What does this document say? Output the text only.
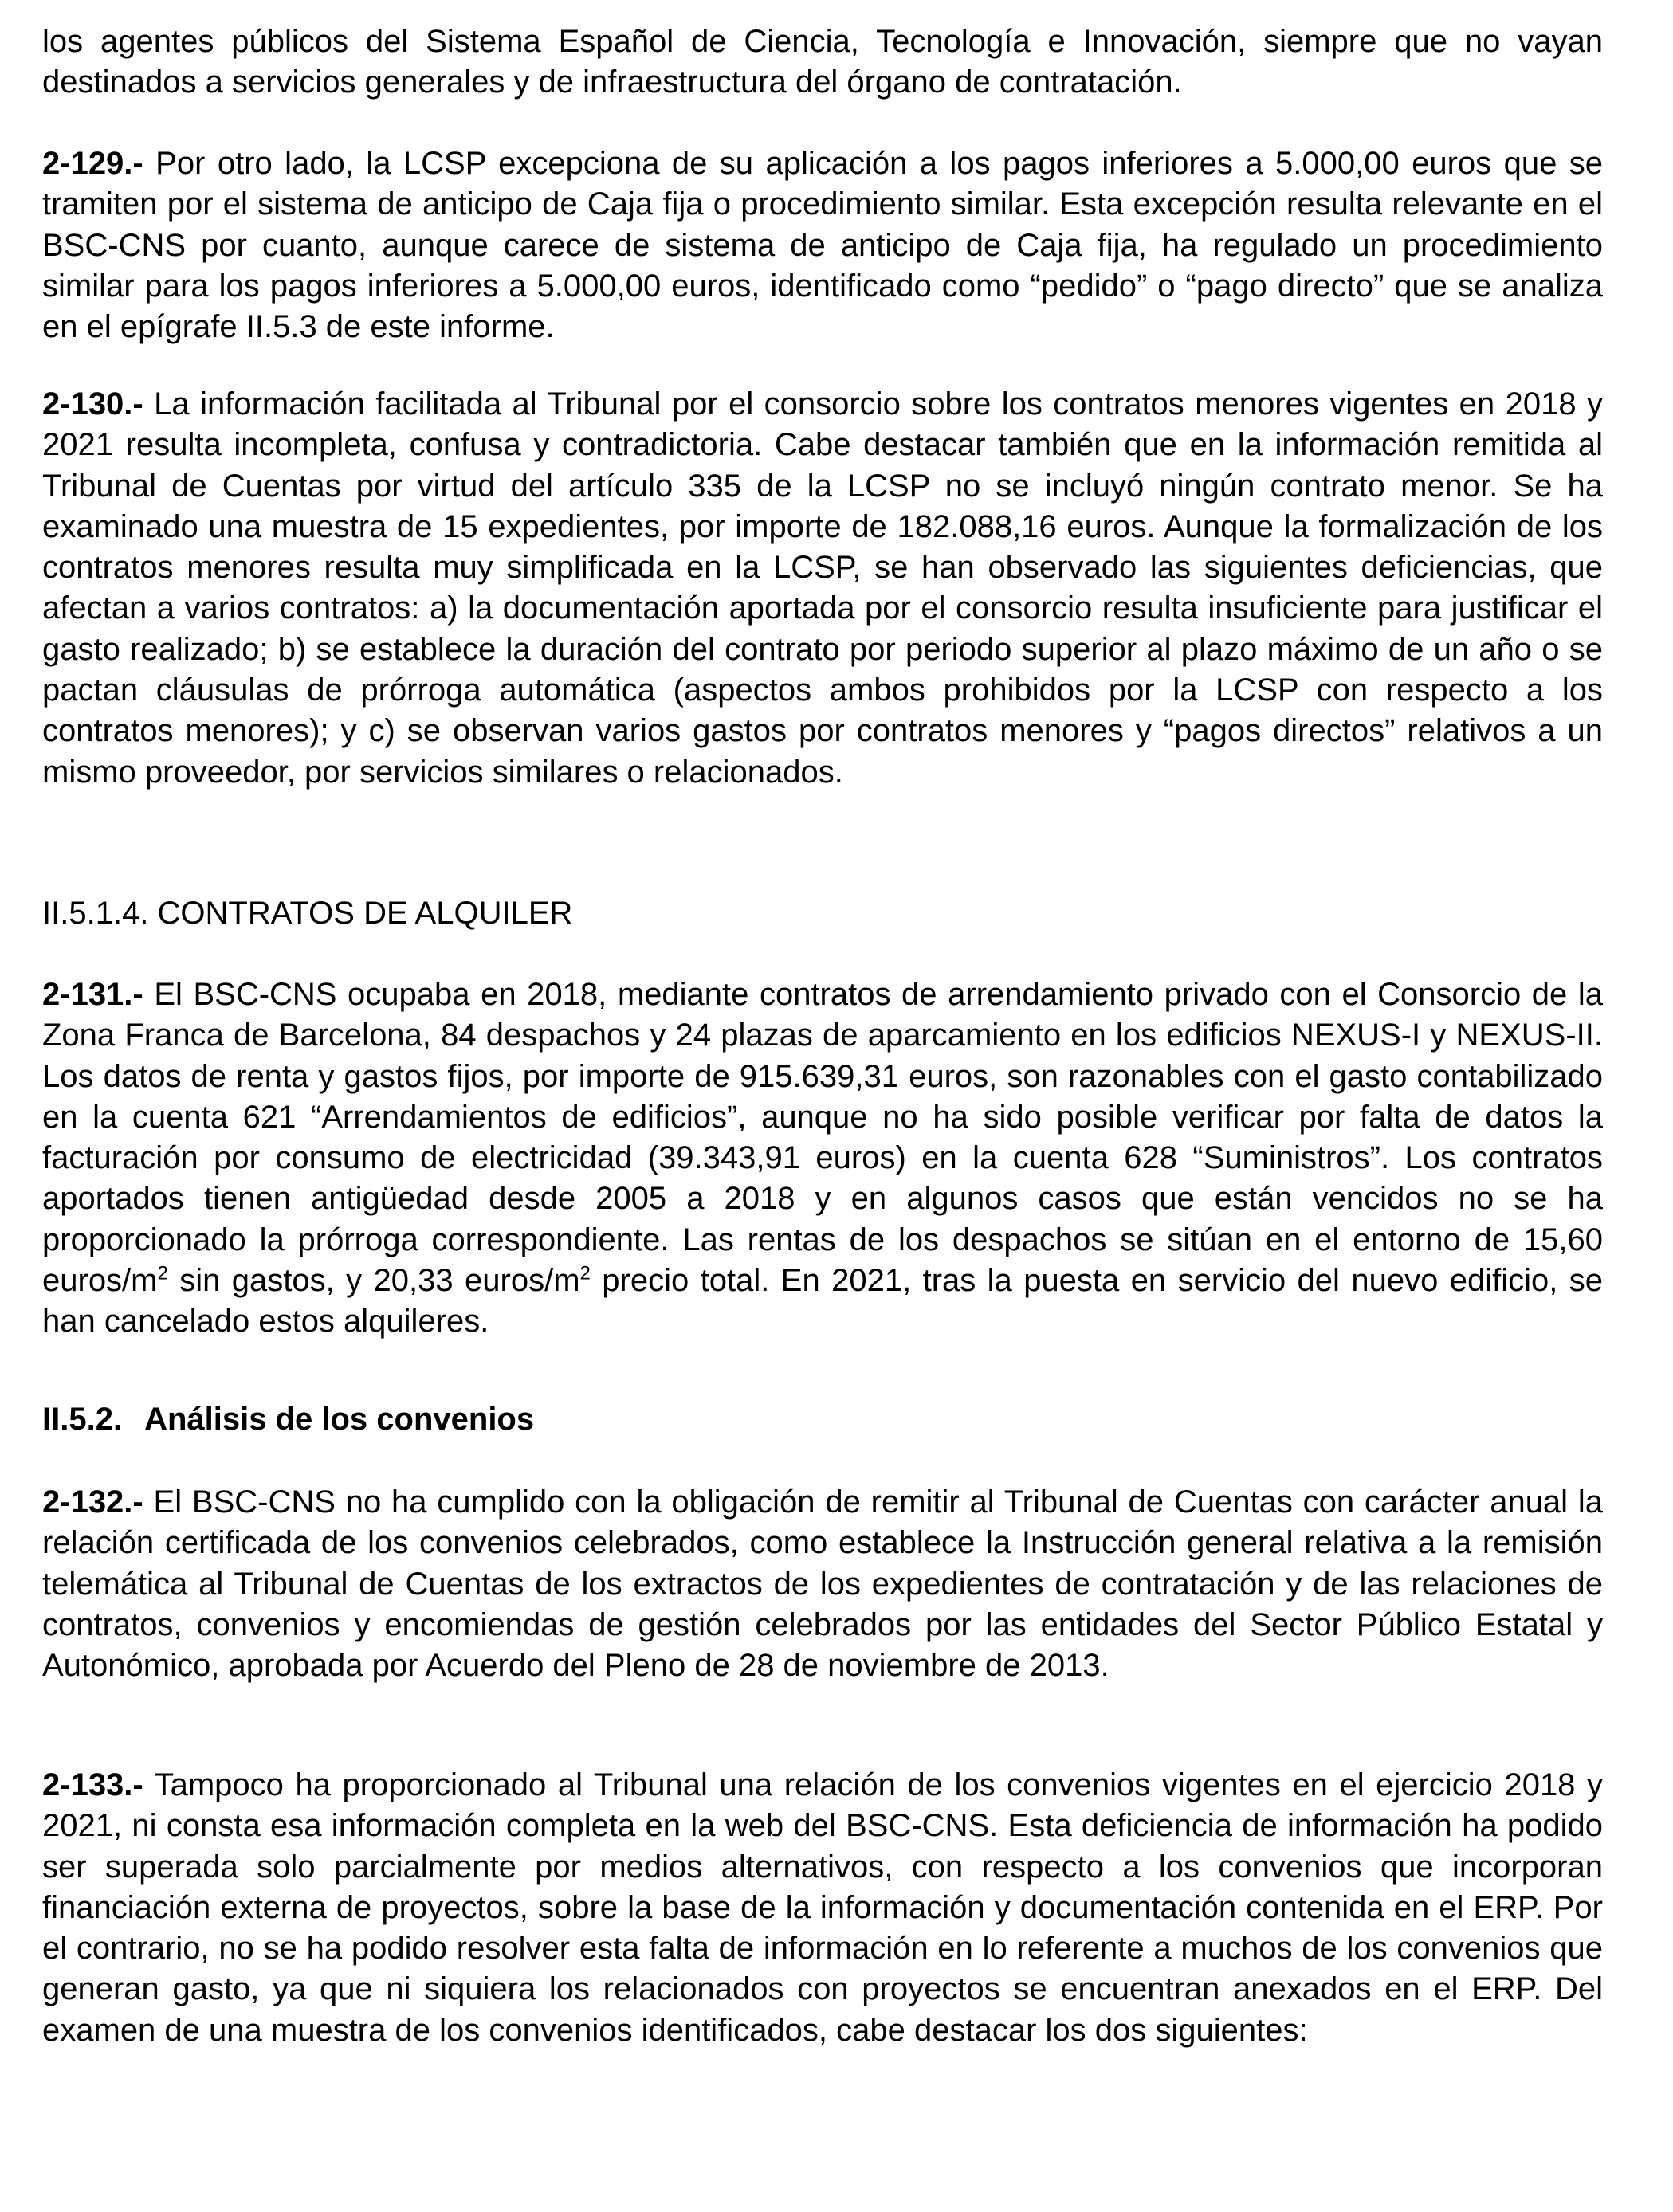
los agentes públicos del Sistema Español de Ciencia, Tecnología e Innovación, siempre que no vayan destinados a servicios generales y de infraestructura del órgano de contratación.

2-129.- Por otro lado, la LCSP excepciona de su aplicación a los pagos inferiores a 5.000,00 euros que se tramiten por el sistema de anticipo de Caja fija o procedimiento similar. Esta excepción resulta relevante en el BSC-CNS por cuanto, aunque carece de sistema de anticipo de Caja fija, ha regulado un procedimiento similar para los pagos inferiores a 5.000,00 euros, identificado como “pedido” o “pago directo” que se analiza en el epígrafe II.5.3 de este informe.

2-130.- La información facilitada al Tribunal por el consorcio sobre los contratos menores vigentes en 2018 y 2021 resulta incompleta, confusa y contradictoria. Cabe destacar también que en la información remitida al Tribunal de Cuentas por virtud del artículo 335 de la LCSP no se incluyó ningún contrato menor. Se ha examinado una muestra de 15 expedientes, por importe de 182.088,16 euros. Aunque la formalización de los contratos menores resulta muy simplificada en la LCSP, se han observado las siguientes deficiencias, que afectan a varios contratos: a) la documentación aportada por el consorcio resulta insuficiente para justificar el gasto realizado; b) se establece la duración del contrato por periodo superior al plazo máximo de un año o se pactan cláusulas de prórroga automática (aspectos ambos prohibidos por la LCSP con respecto a los contratos menores); y c) se observan varios gastos por contratos menores y “pagos directos” relativos a un mismo proveedor, por servicios similares o relacionados.

II.5.1.4. CONTRATOS DE ALQUILER

2-131.- El BSC-CNS ocupaba en 2018, mediante contratos de arrendamiento privado con el Consorcio de la Zona Franca de Barcelona, 84 despachos y 24 plazas de aparcamiento en los edificios NEXUS-I y NEXUS-II. Los datos de renta y gastos fijos, por importe de 915.639,31 euros, son razonables con el gasto contabilizado en la cuenta 621 “Arrendamientos de edificios”, aunque no ha sido posible verificar por falta de datos la facturación por consumo de electricidad (39.343,91 euros) en la cuenta 628 “Suministros”. Los contratos aportados tienen antigüedad desde 2005 a 2018 y en algunos casos que están vencidos no se ha proporcionado la prórroga correspondiente. Las rentas de los despachos se sitúan en el entorno de 15,60 euros/$m^2$ sin gastos, y 20,33 euros/$m^2$ precio total. En 2021, tras la puesta en servicio del nuevo edificio, se han cancelado estos alquileres.

II.5.2. Análisis de los convenios

2-132.- El BSC-CNS no ha cumplido con la obligación de remitir al Tribunal de Cuentas con carácter anual la relación certificada de los convenios celebrados, como establece la Instrucción general relativa a la remisión telemática al Tribunal de Cuentas de los extractos de los expedientes de contratación y de las relaciones de contratos, convenios y encomiendas de gestión celebrados por las entidades del Sector Público Estatal y Autonómico, aprobada por Acuerdo del Pleno de 28 de noviembre de 2013.

2-133.- Tampoco ha proporcionado al Tribunal una relación de los convenios vigentes en el ejercicio 2018 y 2021, ni consta esa información completa en la web del BSC-CNS. Esta deficiencia de información ha podido ser superada solo parcialmente por medios alternativos, con respecto a los convenios que incorporan financiación externa de proyectos, sobre la base de la información y documentación contenida en el ERP. Por el contrario, no se ha podido resolver esta falta de información en lo referente a muchos de los convenios que generan gasto, ya que ni siquiera los relacionados con proyectos se encuentran anexados en el ERP. Del examen de una muestra de los convenios identificados, cabe destacar los dos siguientes:
